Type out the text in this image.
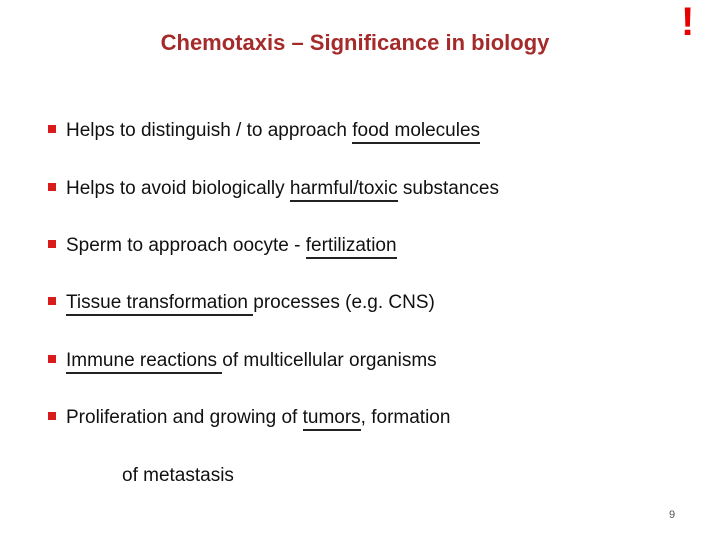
Chemotaxis – Significance in biology	!
Helps to distinguish / to approach food molecules
Helps to avoid biologically harmful/toxic substances
Sperm to approach oocyte - fertilization
Tissue transformation processes (e.g. CNS)
Immune reactions of multicellular organisms
Proliferation and growing of tumors, formation
of metastasis
9
